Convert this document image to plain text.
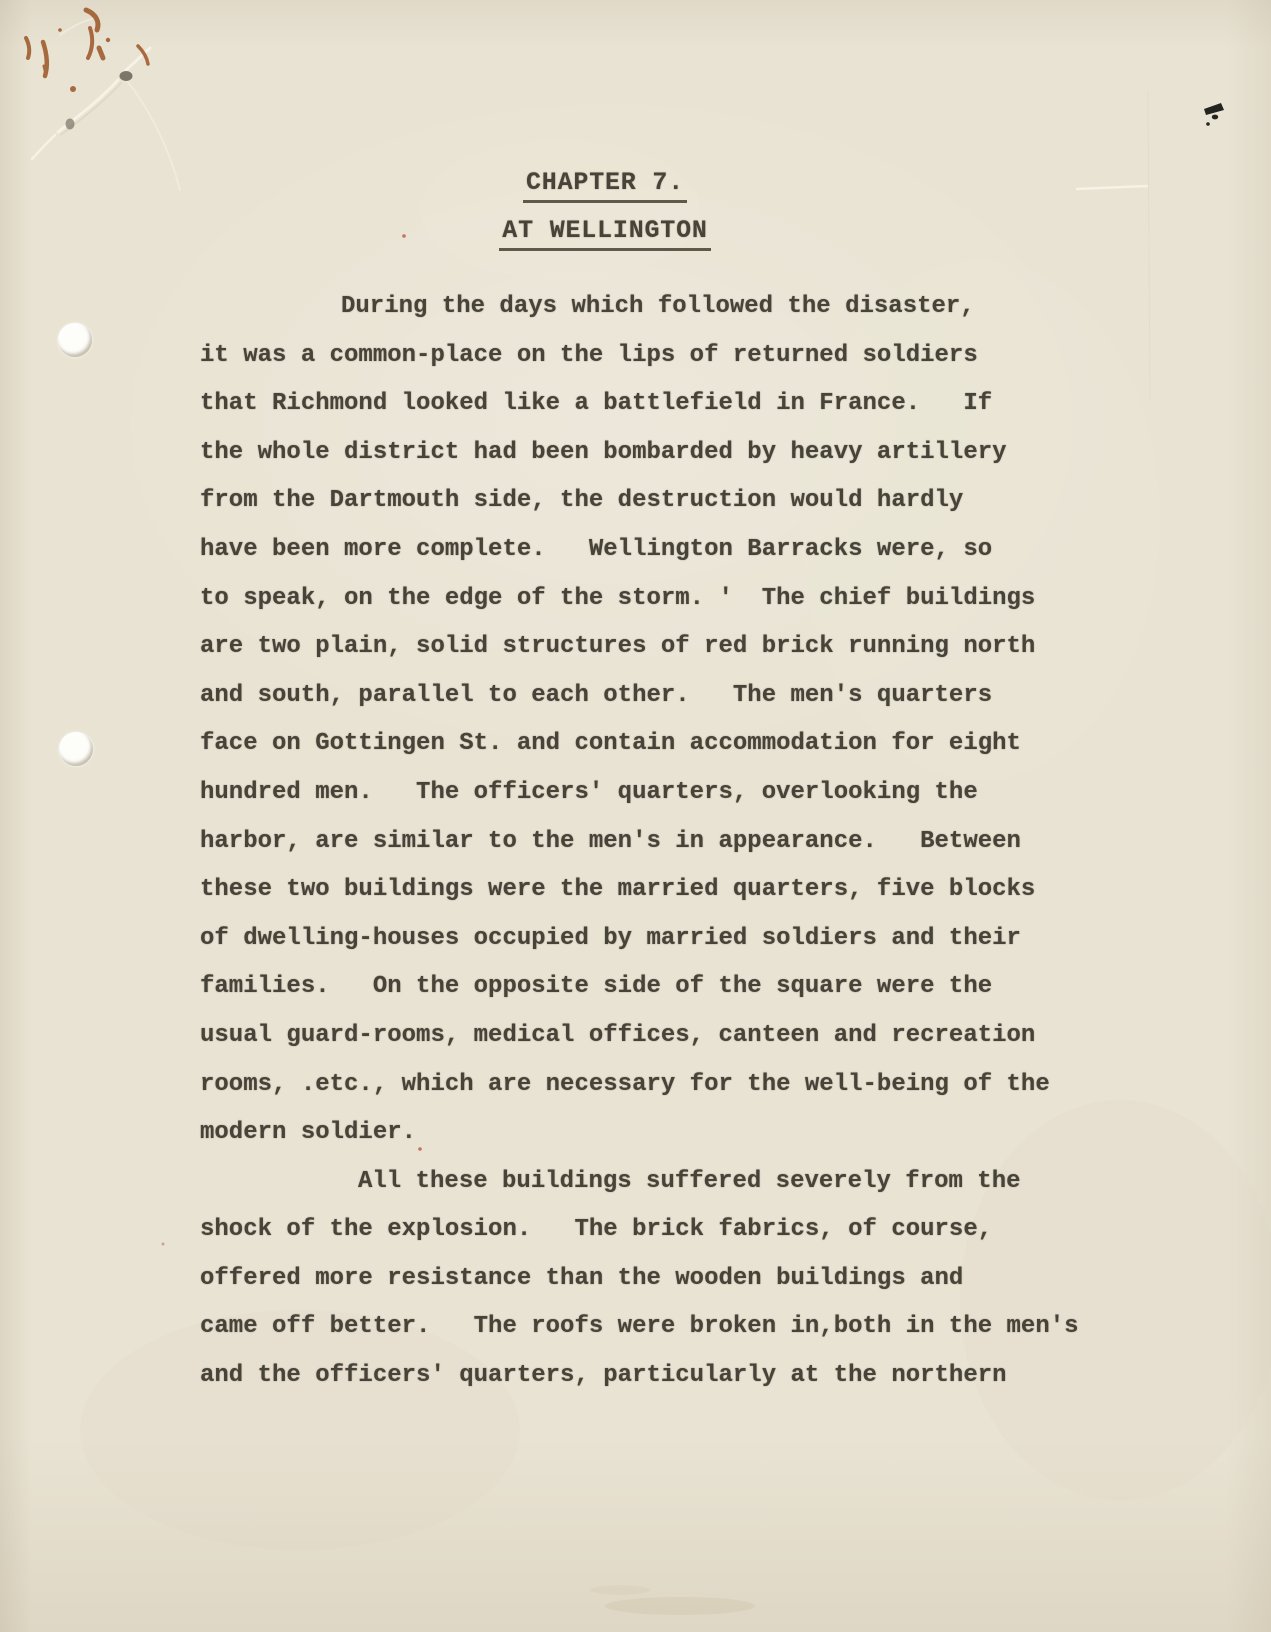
CHAPTER 7.
AT WELLINGTON
During the days which followed the disaster,
it was a common-place on the lips of returned soldiers
that Richmond looked like a battlefield in France.   If
the whole district had been bombarded by heavy artillery
from the Dartmouth side, the destruction would hardly
have been more complete.   Wellington Barracks were, so
to speak, on the edge of the storm. '  The chief buildings
are two plain, solid structures of red brick running north
and south, parallel to each other.   The men's quarters
face on Gottingen St. and contain accommodation for eight
hundred men.   The officers' quarters, overlooking the
harbor, are similar to the men's in appearance.   Between
these two buildings were the married quarters, five blocks
of dwelling-houses occupied by married soldiers and their
families.   On the opposite side of the square were the
usual guard-rooms, medical offices, canteen and recreation
rooms, .etc., which are necessary for the well-being of the
modern soldier.
All these buildings suffered severely from the
shock of the explosion.   The brick fabrics, of course,
offered more resistance than the wooden buildings and
came off better.   The roofs were broken in,both in the men's
and the officers' quarters, particularly at the northern
